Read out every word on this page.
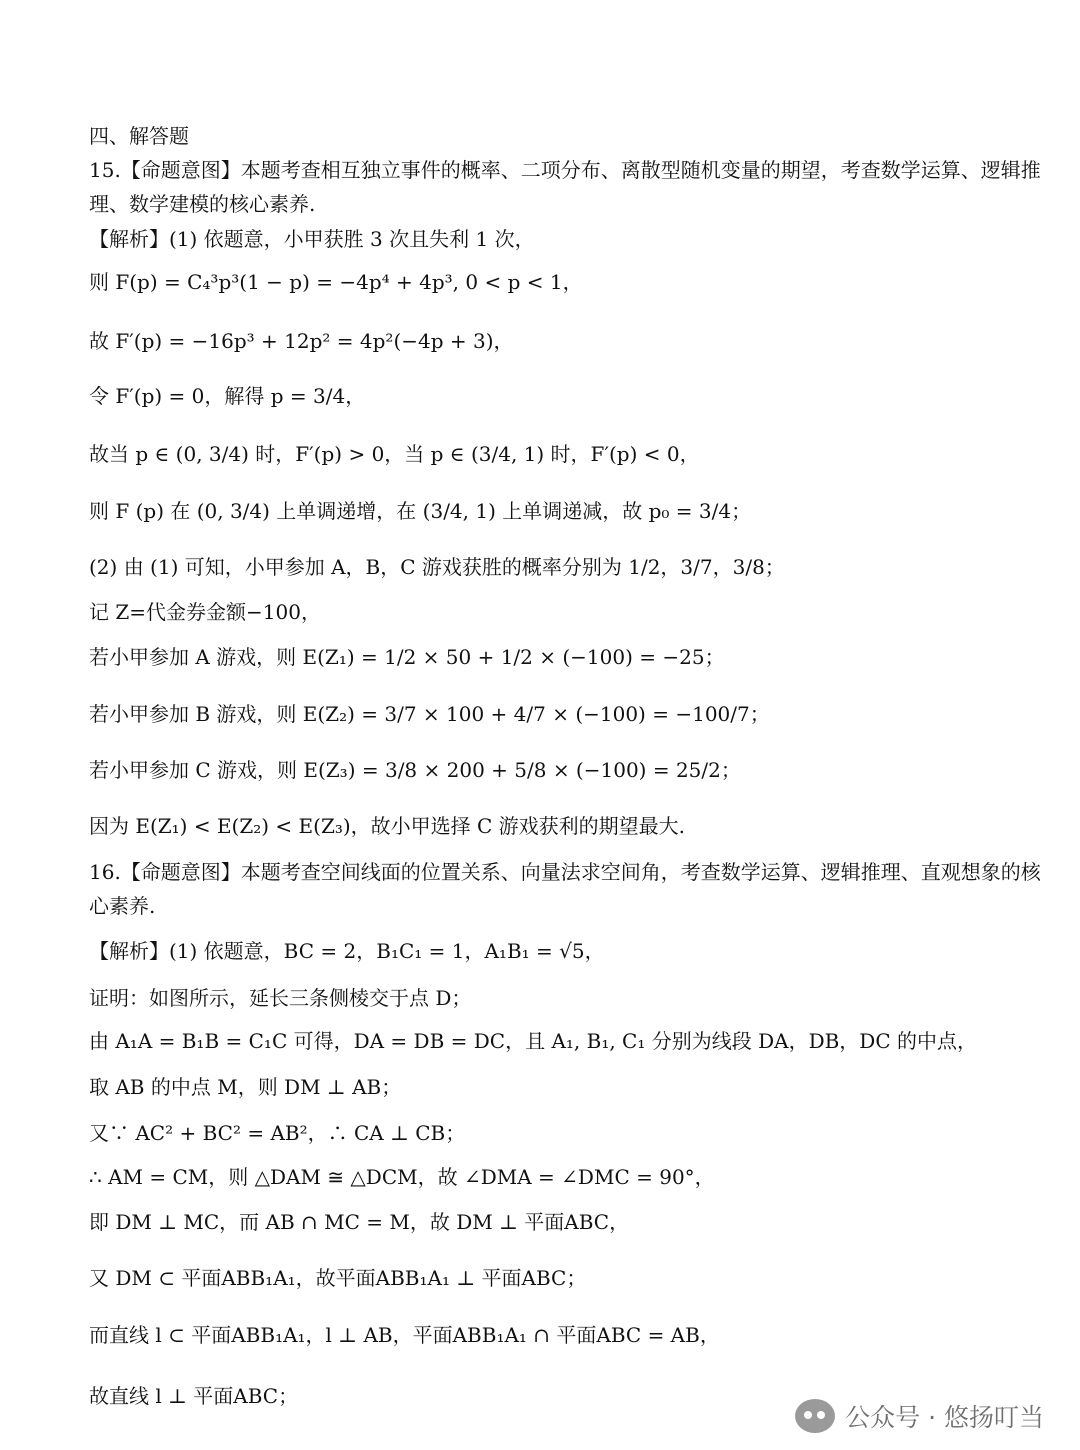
四、解答题
15.【命题意图】本题考查相互独立事件的概率、二项分布、离散型随机变量的期望，考查数学运算、逻辑推
理、数学建模的核心素养.
【解析】(1) 依题意，小甲获胜 3 次且失利 1 次，
则 F(p) = C₄³p³(1 − p) = −4p⁴ + 4p³, 0 < p < 1，
故 F′(p) = −16p³ + 12p² = 4p²(−4p + 3)，
令 F′(p) = 0，解得 p = 3/4，
故当 p ∈ (0, 3/4) 时，F′(p) > 0，当 p ∈ (3/4, 1) 时，F′(p) < 0，
则 F (p) 在 (0, 3/4) 上单调递增，在 (3/4, 1) 上单调递减，故 p₀ = 3/4；
(2) 由 (1) 可知，小甲参加 A，B，C 游戏获胜的概率分别为 1/2，3/7，3/8；
记 Z=代金券金额−100，
若小甲参加 A 游戏，则 E(Z₁) = 1/2 × 50 + 1/2 × (−100) = −25；
若小甲参加 B 游戏，则 E(Z₂) = 3/7 × 100 + 4/7 × (−100) = −100/7；
若小甲参加 C 游戏，则 E(Z₃) = 3/8 × 200 + 5/8 × (−100) = 25/2；
因为 E(Z₁) < E(Z₂) < E(Z₃)，故小甲选择 C 游戏获利的期望最大.
16.【命题意图】本题考查空间线面的位置关系、向量法求空间角，考查数学运算、逻辑推理、直观想象的核
心素养.
【解析】(1) 依题意，BC = 2，B₁C₁ = 1，A₁B₁ = √5，
证明：如图所示，延长三条侧棱交于点 D；
由 A₁A = B₁B = C₁C 可得，DA = DB = DC，且 A₁, B₁, C₁ 分别为线段 DA，DB，DC 的中点，
取 AB 的中点 M，则 DM ⊥ AB；
又∵ AC² + BC² = AB²，∴ CA ⊥ CB；
∴ AM = CM，则 △DAM ≅ △DCM，故 ∠DMA = ∠DMC = 90°，
即 DM ⊥ MC，而 AB ∩ MC = M，故 DM ⊥ 平面ABC，
又 DM ⊂ 平面ABB₁A₁，故平面ABB₁A₁ ⊥ 平面ABC；
而直线 l ⊂ 平面ABB₁A₁，l ⊥ AB，平面ABB₁A₁ ∩ 平面ABC = AB，
故直线 l ⊥ 平面ABC；
公众号 · 悠扬叮当
